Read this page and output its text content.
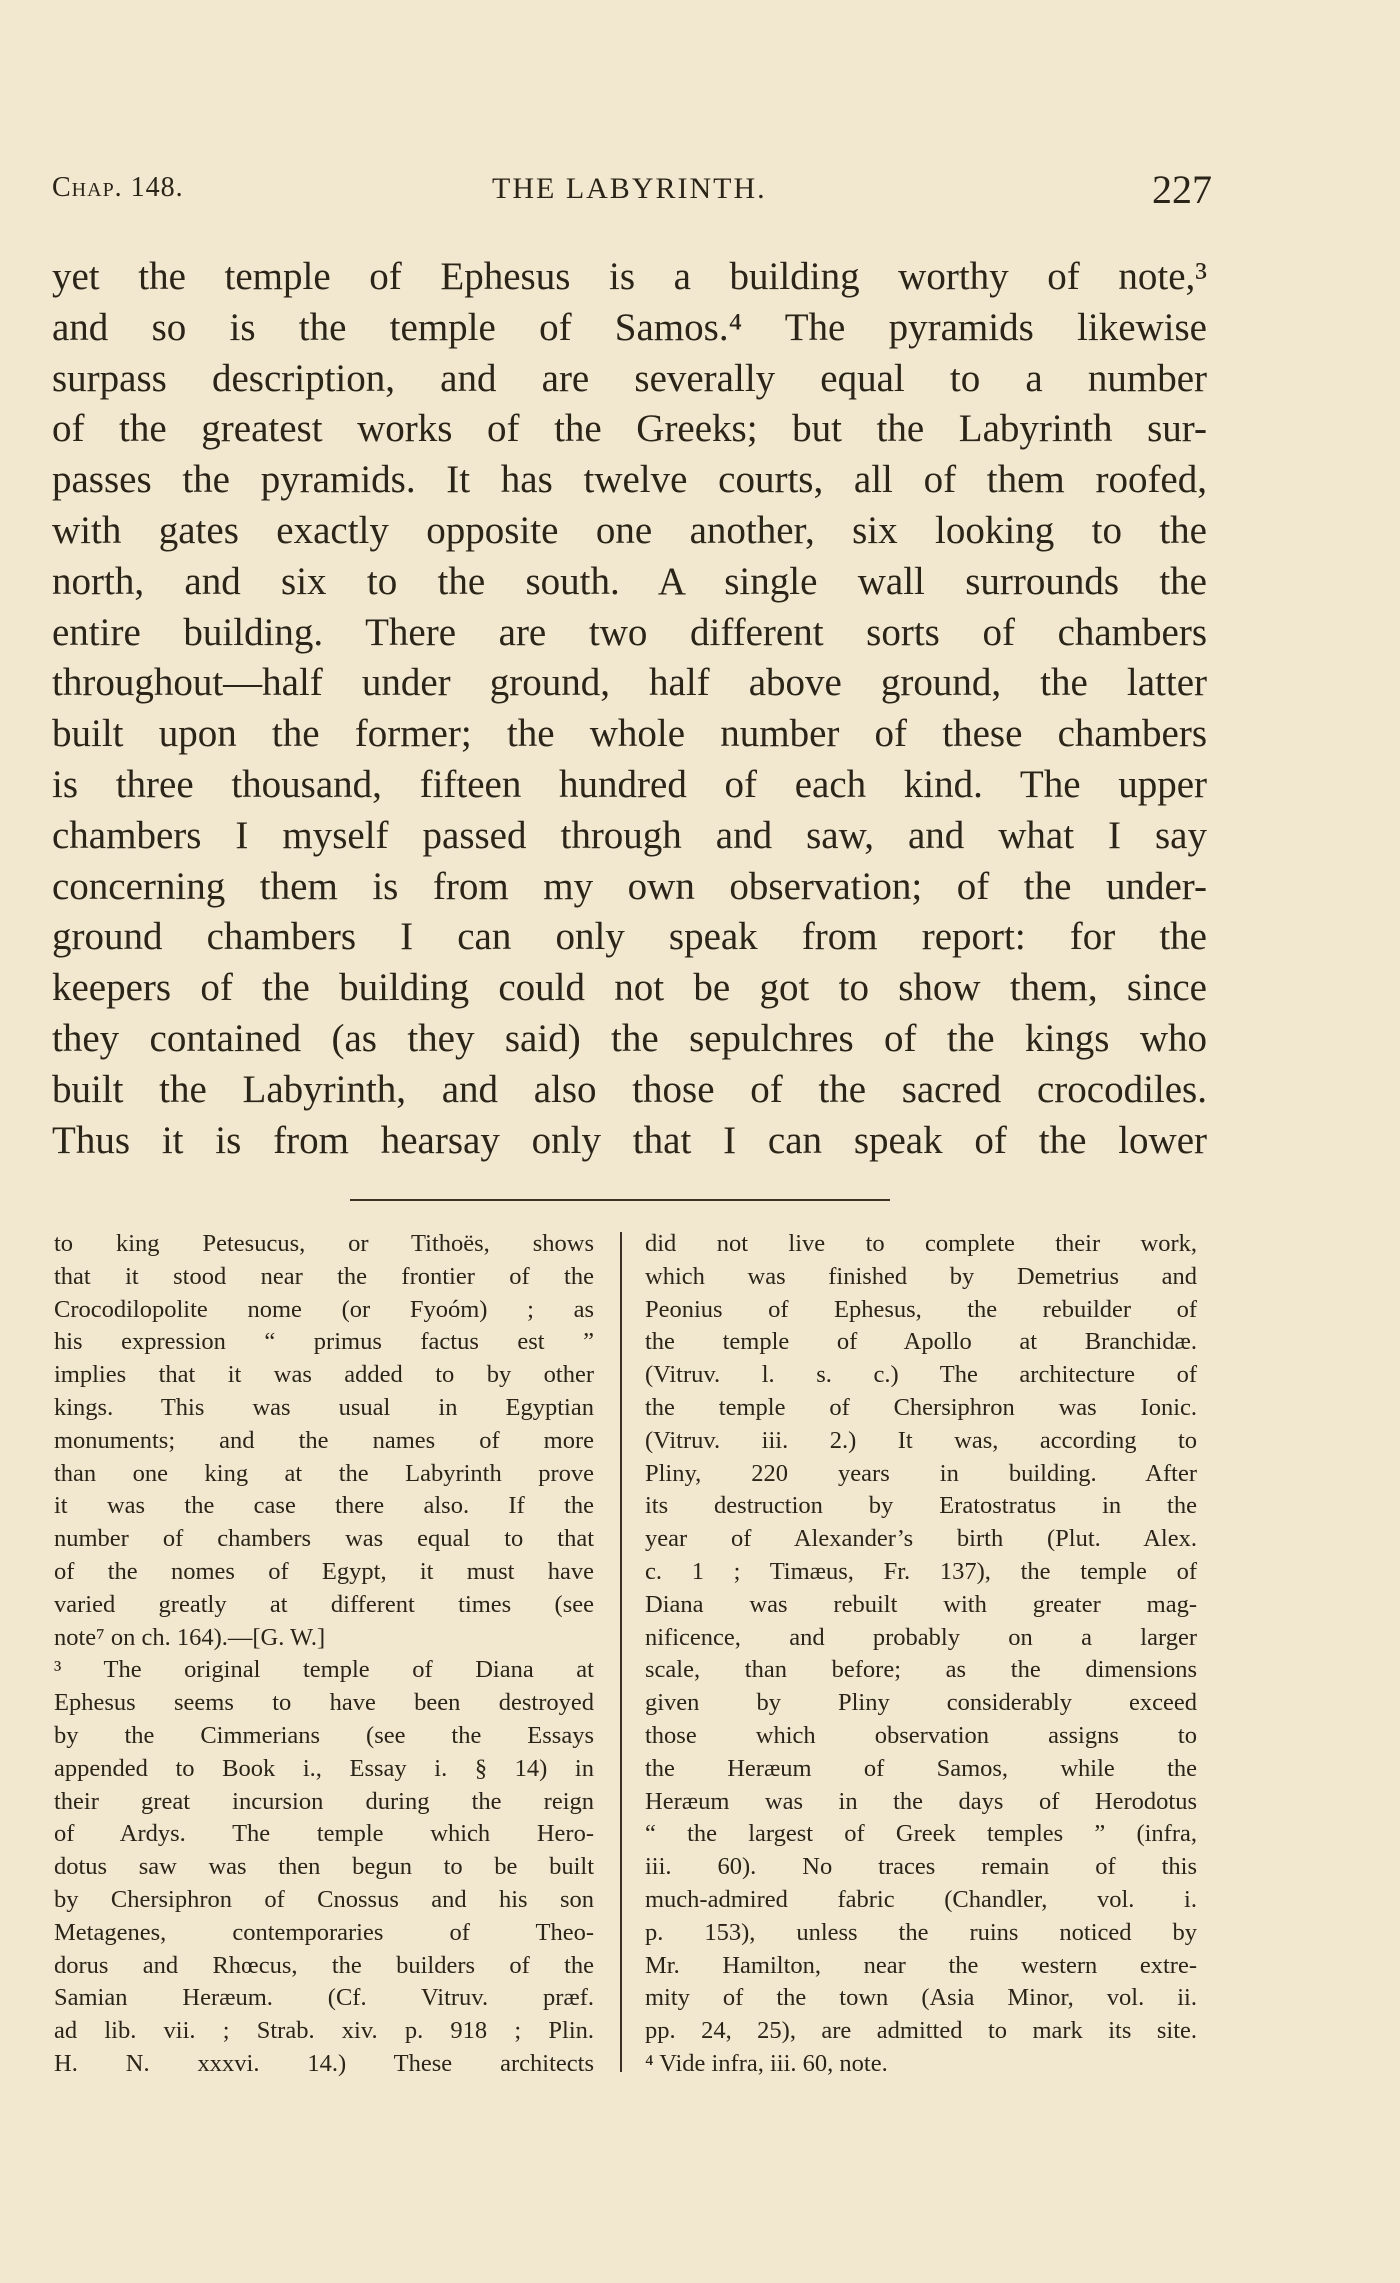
Chap. 148.	THE LABYRINTH.	227
yet the temple of Ephesus is a building worthy of note,³
and so is the temple of Samos.⁴ The pyramids likewise
surpass description, and are severally equal to a number
of the greatest works of the Greeks; but the Labyrinth sur-
passes the pyramids. It has twelve courts, all of them roofed,
with gates exactly opposite one another, six looking to the
north, and six to the south. A single wall surrounds the
entire building. There are two different sorts of chambers
throughout—half under ground, half above ground, the latter
built upon the former; the whole number of these chambers
is three thousand, fifteen hundred of each kind. The upper
chambers I myself passed through and saw, and what I say
concerning them is from my own observation; of the under-
ground chambers I can only speak from report: for the
keepers of the building could not be got to show them, since
they contained (as they said) the sepulchres of the kings who
built the Labyrinth, and also those of the sacred crocodiles.
Thus it is from hearsay only that I can speak of the lower
to king Petesucus, or Tithoës, shows
that it stood near the frontier of the
Crocodilopolite nome (or Fyoóm) ; as
his expression “ primus factus est ”
implies that it was added to by other
kings. This was usual in Egyptian
monuments; and the names of more
than one king at the Labyrinth prove
it was the case there also. If the
number of chambers was equal to that
of the nomes of Egypt, it must have
varied greatly at different times (see
note⁷ on ch. 164).—[G. W.]
³ The original temple of Diana at
Ephesus seems to have been destroyed
by the Cimmerians (see the Essays
appended to Book i., Essay i. § 14) in
their great incursion during the reign
of Ardys. The temple which Hero-
dotus saw was then begun to be built
by Chersiphron of Cnossus and his son
Metagenes, contemporaries of Theo-
dorus and Rhœcus, the builders of the
Samian Heræum. (Cf. Vitruv. præf.
ad lib. vii. ; Strab. xiv. p. 918 ; Plin.
H. N. xxxvi. 14.) These architects
did not live to complete their work,
which was finished by Demetrius and
Peonius of Ephesus, the rebuilder of
the temple of Apollo at Branchidæ.
(Vitruv. l. s. c.) The architecture of
the temple of Chersiphron was Ionic.
(Vitruv. iii. 2.) It was, according to
Pliny, 220 years in building. After
its destruction by Eratostratus in the
year of Alexander’s birth (Plut. Alex.
c. 1 ; Timæus, Fr. 137), the temple of
Diana was rebuilt with greater mag-
nificence, and probably on a larger
scale, than before; as the dimensions
given by Pliny considerably exceed
those which observation assigns to
the Heræum of Samos, while the
Heræum was in the days of Herodotus
“ the largest of Greek temples ” (infra,
iii. 60). No traces remain of this
much-admired fabric (Chandler, vol. i.
p. 153), unless the ruins noticed by
Mr. Hamilton, near the western extre-
mity of the town (Asia Minor, vol. ii.
pp. 24, 25), are admitted to mark its site.
⁴ Vide infra, iii. 60, note.
